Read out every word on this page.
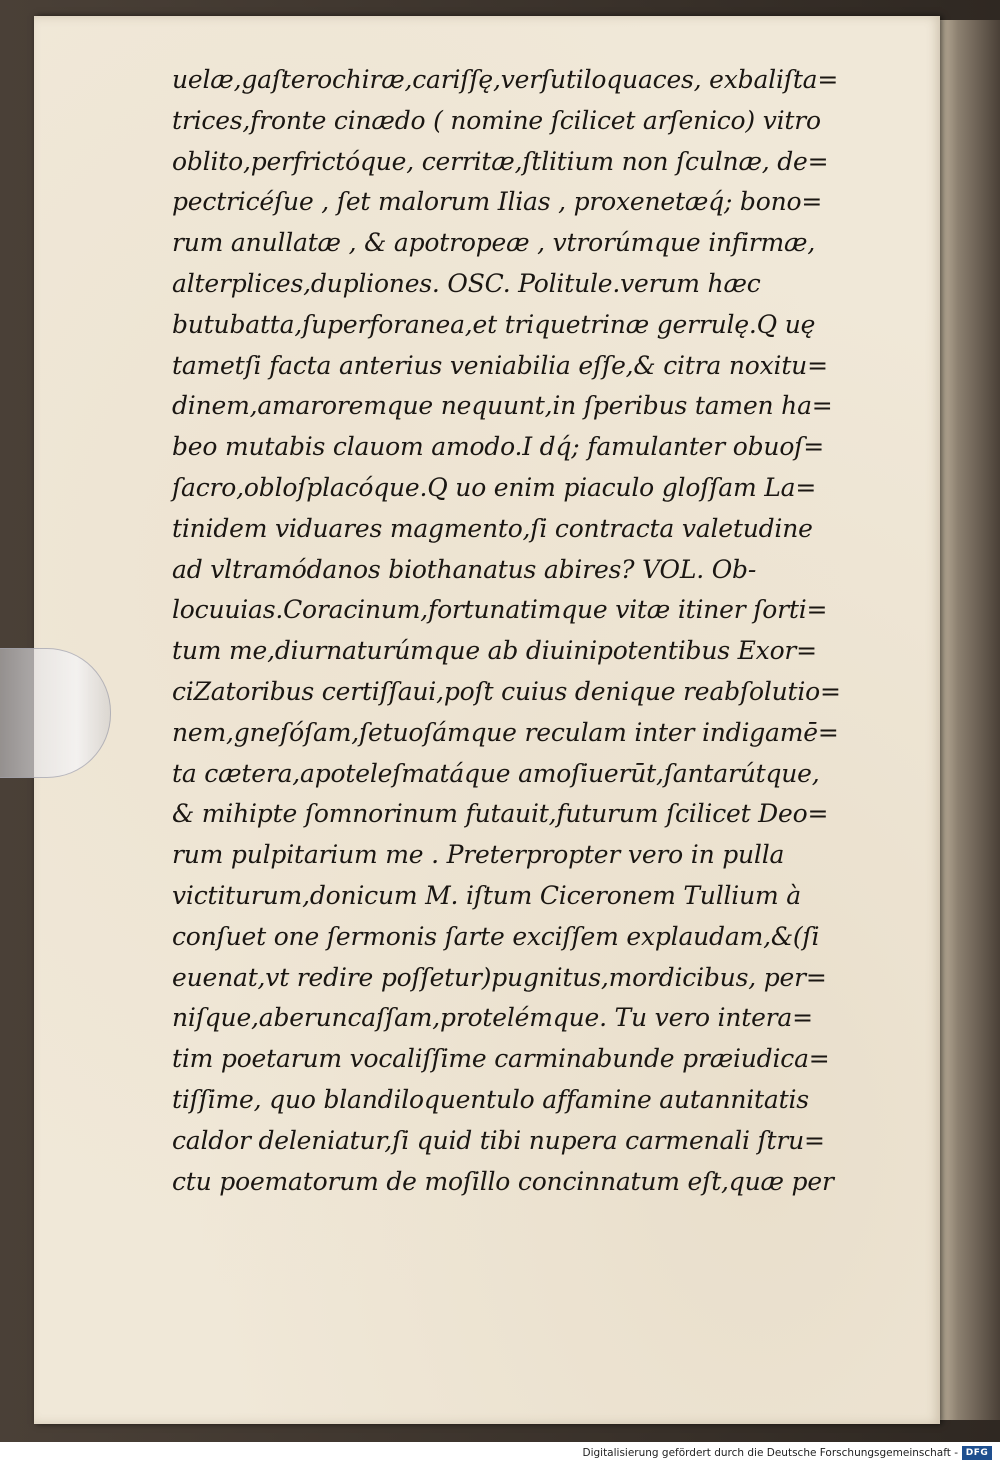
uelæ,gaſterochiræ,cariſſę,verſutiloquaces, exbaliſta=
trices,fronte cinædo ( nomine ſcilicet arſenico) vitro
oblito,perfrictóque, cerritæ,ſtlitium non ſculnæ, de=
pectricéſue , ſet malorum Ilias , proxenetæq́; bono=
rum anullatæ , & apotropeæ , vtrorúmque infirmæ,
alterplices,dupliones. OSC. Politule.verum hæc
butubatta,ſuperforanea,et triquetrinæ gerrulę.Q uę
tametſi facta anterius veniabilia eſſe,& citra noxitu=
dinem,amaroremque nequunt,in ſperibus tamen ha=
beo mutabis clauom amodo.I dq́; famulanter obuoſ=
ſacro,obloſplacóque.Q uo enim piaculo gloſſam La=
tinidem viduares magmento,ſi contracta valetudine
ad vltramódanos biothanatus abires? VOL. Ob-
locuuias.Coracinum,fortunatimque vitæ itiner ſorti=
tum me,diurnaturúmque ab diuinipotentibus Exor=
ciZatoribus certiſſaui,poſt cuius denique reabſolutio=
nem,gneſóſam,ſetuoſámque reculam inter indigamē=
ta cætera,apoteleſmatáque amoſiuerūt,ſantarútque,
& mihipte ſomnorinum futauit,futurum ſcilicet Deo=
rum pulpitarium me . Preterpropter vero in pulla
victiturum,donicum M. iſtum Ciceronem Tullium à
conſuet one ſermonis ſarte exciſſem explaudam,&(ſi
euenat,vt redire poſſetur)pugnitus,mordicibus, per=
niſque,aberuncaſſam,protelémque. Tu vero intera=
tim poetarum vocaliſſime carminabunde præiudica=
tiſſime, quo blandiloquentulo affamine autannitatis
caldor deleniatur,ſi quid tibi nupera carmenali ſtru=
ctu poematorum de moſillo concinnatum eſt,quæ per
Digitalisierung gefördert durch die Deutsche Forschungsgemeinschaft - DFG
